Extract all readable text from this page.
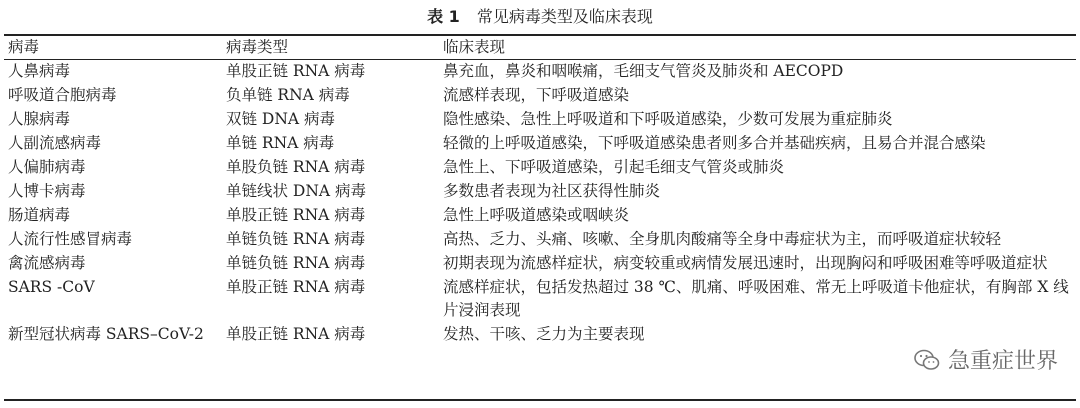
表 1 常见病毒类型及临床表现
病毒	病毒类型	临床表现
人鼻病毒	单股正链 RNA 病毒	鼻充血，鼻炎和咽喉痛，毛细支气管炎及肺炎和 AECOPD
呼吸道合胞病毒	负单链 RNA 病毒	流感样表现，下呼吸道感染
人腺病毒	双链 DNA 病毒	隐性感染、急性上呼吸道和下呼吸道感染，少数可发展为重症肺炎
人副流感病毒	单链 RNA 病毒	轻微的上呼吸道感染，下呼吸道感染患者则多合并基础疾病，且易合并混合感染
人偏肺病毒	单股负链 RNA 病毒	急性上、下呼吸道感染，引起毛细支气管炎或肺炎
人博卡病毒	单链线状 DNA 病毒	多数患者表现为社区获得性肺炎
肠道病毒	单股正链 RNA 病毒	急性上呼吸道感染或咽峡炎
人流行性感冒病毒	单链负链 RNA 病毒	高热、乏力、头痛、咳嗽、全身肌肉酸痛等全身中毒症状为主，而呼吸道症状较轻
禽流感病毒	单链负链 RNA 病毒	初期表现为流感样症状，病变较重或病情发展迅速时，出现胸闷和呼吸困难等呼吸道症状
SARS -CoV	单股正链 RNA 病毒	流感样症状，包括发热超过 38 ℃、肌痛、呼吸困难、常无上呼吸道卡他症状，有胸部 X 线片浸润表现
新型冠状病毒 SARS–CoV-2	单股正链 RNA 病毒	发热、干咳、乏力为主要表现
急重症世界
